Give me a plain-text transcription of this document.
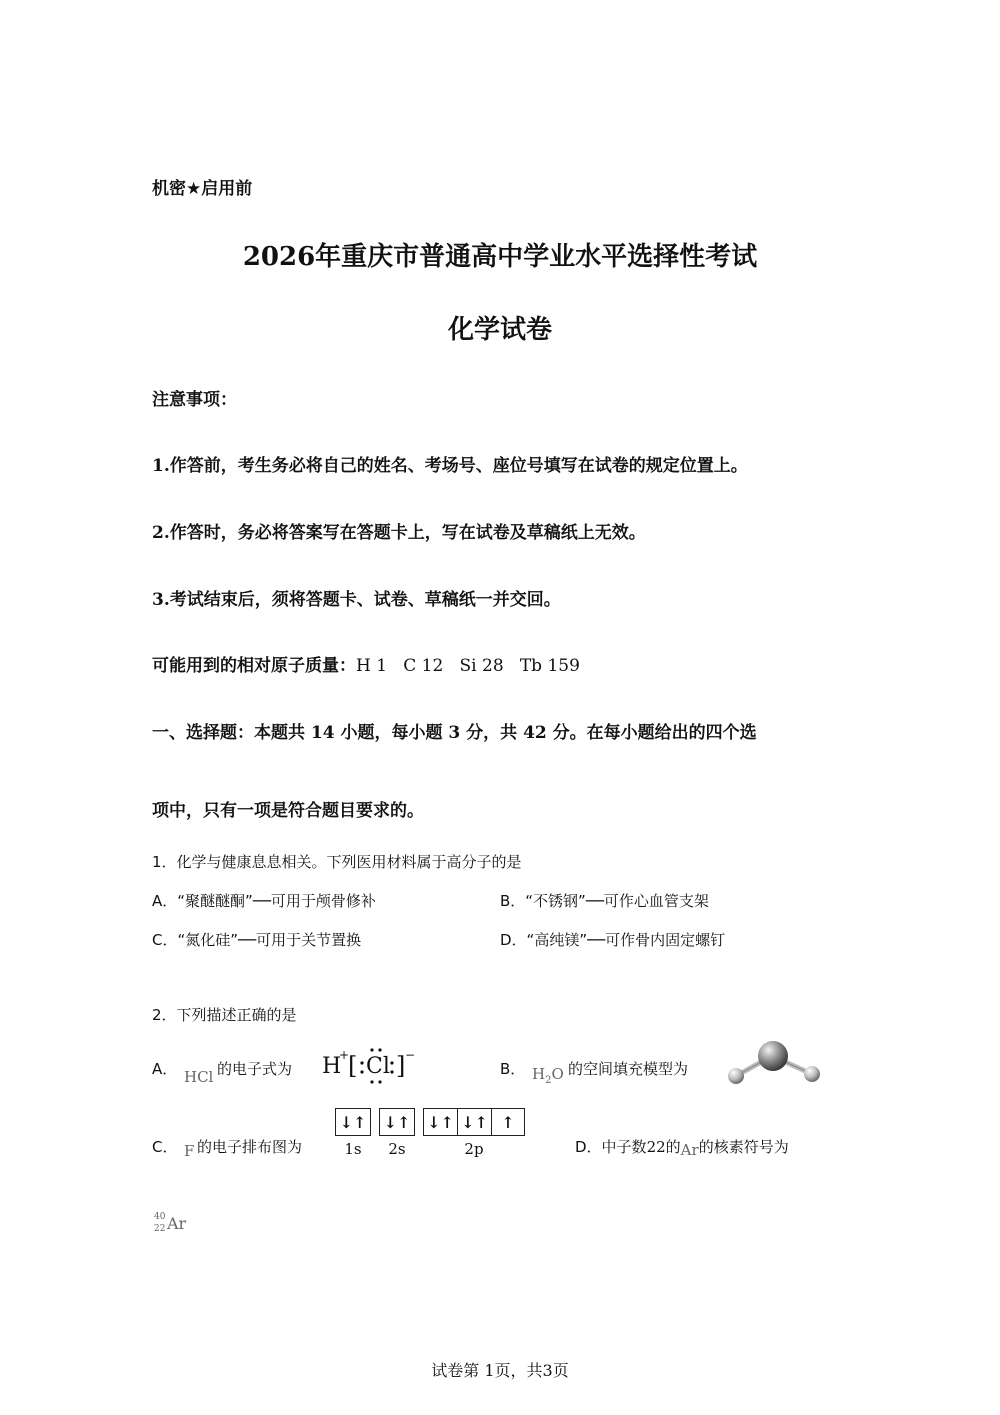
机密★启用前
2026年重庆市普通高中学业水平选择性考试
化学试卷
注意事项：
1.作答前，考生务必将自己的姓名、考场号、座位号填写在试卷的规定位置上。
2.作答时，务必将答案写在答题卡上，写在试卷及草稿纸上无效。
3.考试结束后，须将答题卡、试卷、草稿纸一并交回。
可能用到的相对原子质量：H 1   C 12   Si 28   Tb 159
一、选择题：本题共 14 小题，每小题 3 分，共 42 分。在每小题给出的四个选
项中，只有一项是符合题目要求的。
1．化学与健康息息相关。下列医用材料属于高分子的是
A．“聚醚醚酮”──可用于颅骨修补	B．“不锈钢”──可作心血管支架
C．“氮化硅”──可用于关节置换	D．“高纯镁”──可作骨内固定螺钉
2．下列描述正确的是
A． HCl 的电子式为 H
+
[ Cl ] −
B． $H_2O$ 的空间填充模型为
C． F 的电子排布图为
↓↑ ↓↑ ↓↑ ↓↑ ↑
1s	2s	2p	D．中子数22的Ar的核素符号为
40
22 Ar
试卷第 1页，共3页
